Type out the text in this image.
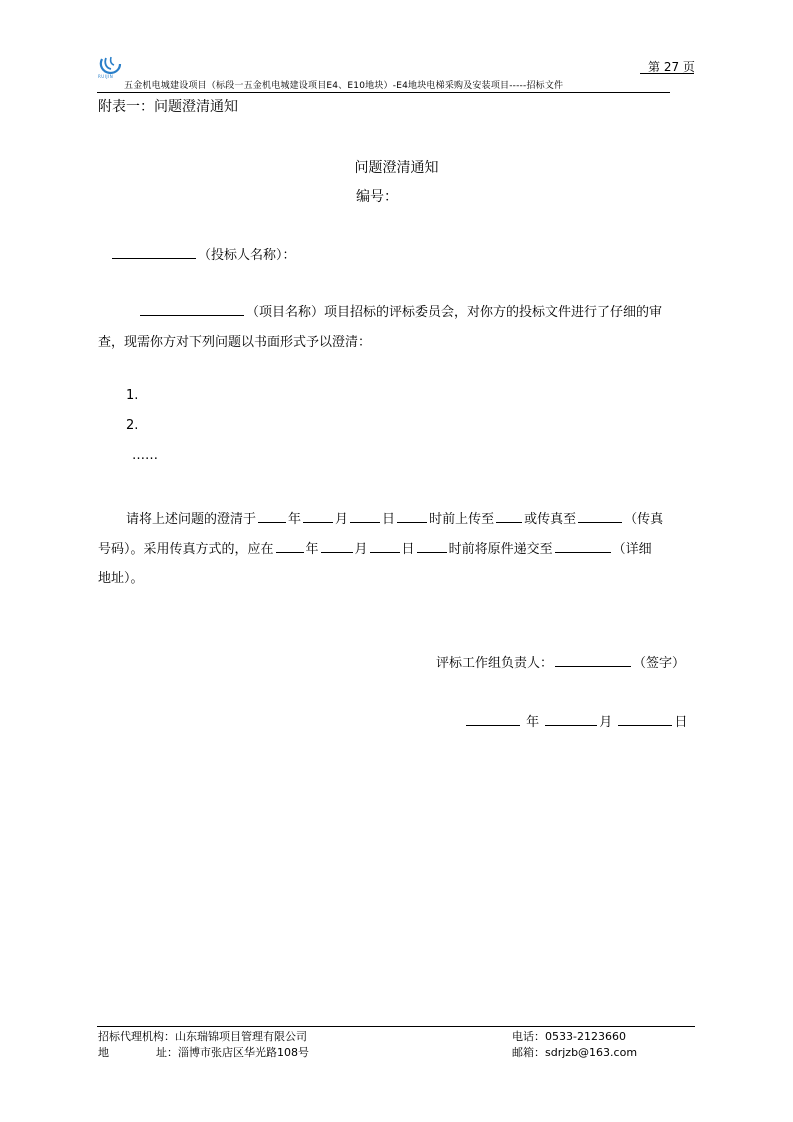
RUIJIN
第 27 页
五金机电城建设项目（标段一五金机电城建设项目E4、E10地块）-E4地块电梯采购及安装项目-----招标文件
附表一：问题澄清通知
问题澄清通知
编号：
（投标人名称）：
（项目名称）项目招标的评标委员会，对你方的投标文件进行了仔细的审
查，现需你方对下列问题以书面形式予以澄清：
1.
2.
……
请将上述问题的澄清于 年	月	日	时前上传至 或传真至	（传真
号码）。采用传真方式的，应在 年	月	日	时前将原件递交至	（详细
地址）。
评标工作组负责人：	（签字）
年	月	日
招标代理机构：山东瑞锦项目管理有限公司	电话：0533-2123660
地	址：淄博市张店区华光路108号	邮箱：sdrjzb@163.com
